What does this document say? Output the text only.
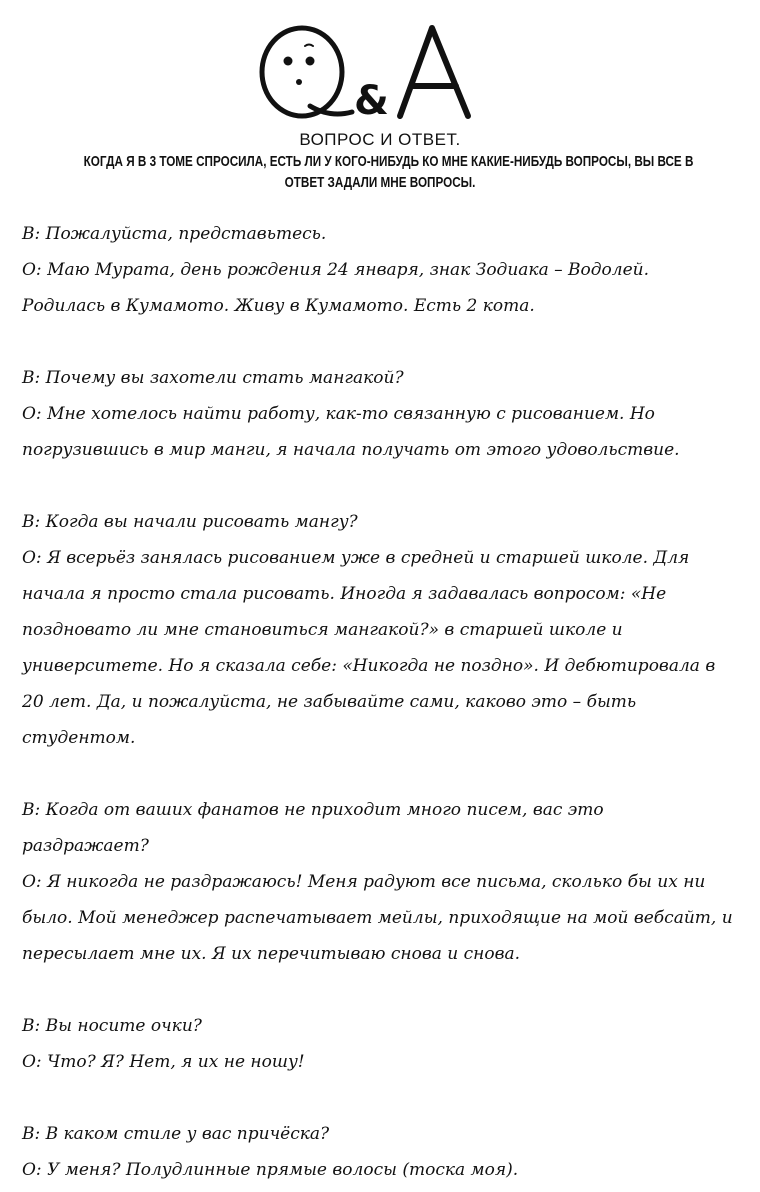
&
ВОПРОС И ОТВЕТ.
КОГДА Я В 3 ТОМЕ СПРОСИЛА, ЕСТЬ ЛИ У КОГО-НИБУДЬ КО МНЕ КАКИЕ-НИБУДЬ ВОПРОСЫ, ВЫ ВСЕ В
ОТВЕТ ЗАДАЛИ МНЕ ВОПРОСЫ.
В: Пожалуйста, представьтесь.
О: Маю Мурата, день рождения 24 января, знак Зодиака – Водолей.
Родилась в Кумамото. Живу в Кумамото. Есть 2 кота.
В: Почему вы захотели стать мангакой?
О: Мне хотелось найти работу, как-то связанную с рисованием. Но
погрузившись в мир манги, я начала получать от этого удовольствие.
В: Когда вы начали рисовать мангу?
О: Я всерьёз занялась рисованием уже в средней и старшей школе. Для
начала я просто стала рисовать. Иногда я задавалась вопросом: «Не
поздновато ли мне становиться мангакой?» в старшей школе и
университете. Но я сказала себе: «Никогда не поздно». И дебютировала в
20 лет. Да, и пожалуйста, не забывайте сами, каково это – быть
студентом.
В: Когда от ваших фанатов не приходит много писем, вас это
раздражает?
О: Я никогда не раздражаюсь! Меня радуют все письма, сколько бы их ни
было. Мой менеджер распечатывает мейлы, приходящие на мой вебсайт, и
пересылает мне их. Я их перечитываю снова и снова.
В: Вы носите очки?
О: Что? Я? Нет, я их не ношу!
В: В каком стиле у вас причёска?
О: У меня? Полудлинные прямые волосы (тоска моя).
